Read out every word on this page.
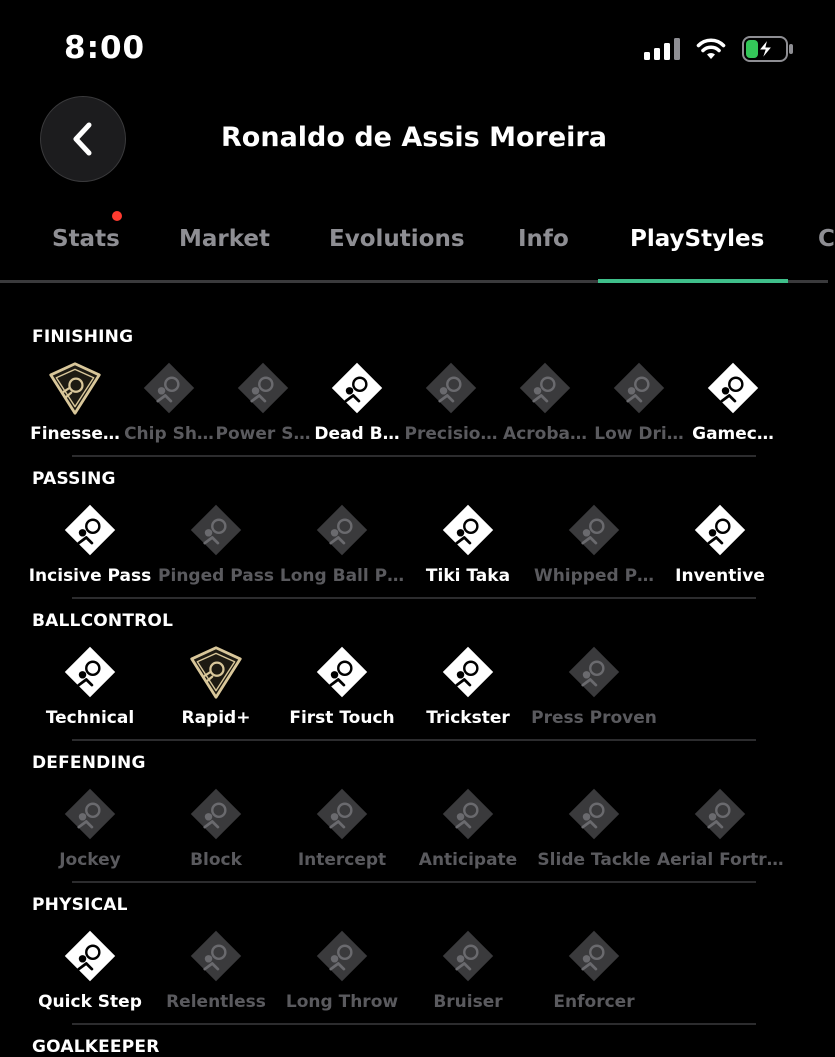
8:00
Ronaldo de Assis Moreira
Stats	Market	Evolutions Info	PlayStyles C
FINISHING
Finesse… Chip Sh… Power S… Dead B… Precisio… Acroba… Low Dri… Gamec…
PASSING
Incisive Pass Pinged Pass Long Ball P…	Tiki Taka	Whipped P…	Inventive
BALLCONTROL
Technical	Rapid+	First Touch	Trickster	Press Proven
DEFENDING
Jockey	Block	Intercept	Anticipate	Slide Tackle Aerial Fortr…
PHYSICAL
Quick Step	Relentless	Long Throw	Bruiser	Enforcer
GOALKEEPER
